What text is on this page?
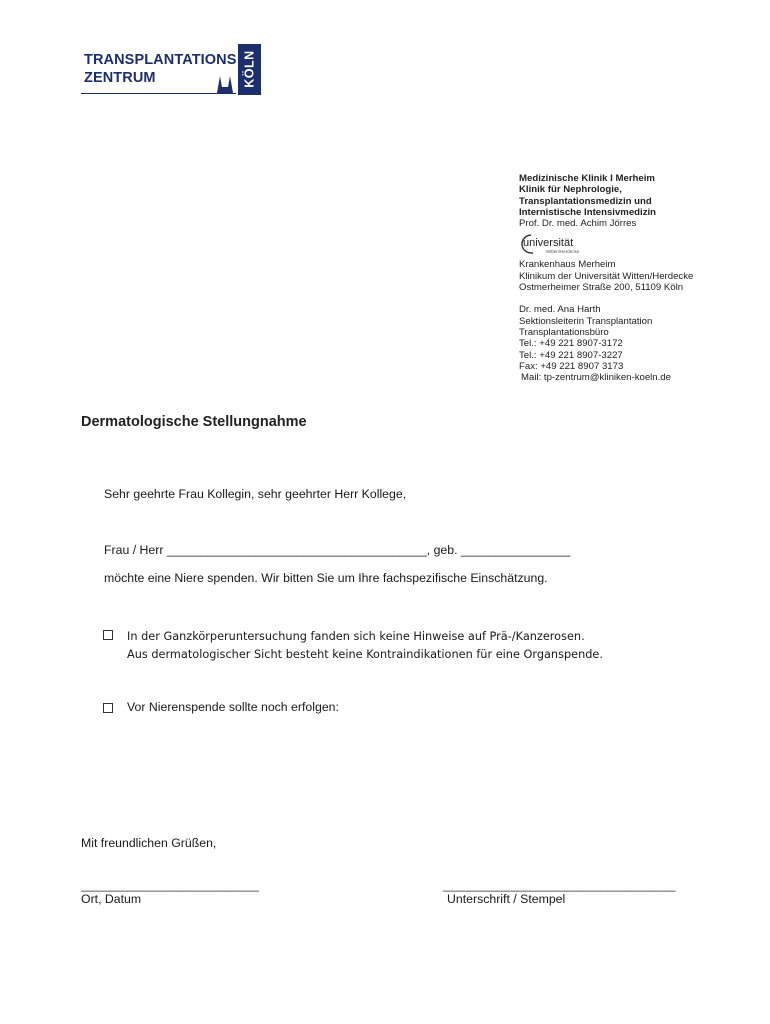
TRANSPLANTATIONS
ZENTRUM	KÖLN
Medizinische Klinik I Merheim
Klinik für Nephrologie,
Transplantationsmedizin und
Internistische Intensivmedizin
Prof. Dr. med. Achim Jörres
universität
Witten/Herdecke
Krankenhaus Merheim
Klinikum der Universität Witten/Herdecke
Ostmerheimer Straße 200, 51109 Köln
Dr. med. Ana Harth
Sektionsleiterin Transplantation
Transplantationsbüro
Tel.: +49 221 8907-3172
Tel.: +49 221 8907-3227
Fax: +49 221 8907 3173
Mail: tp-zentrum@kliniken-koeln.de
Dermatologische Stellungnahme
Sehr geehrte Frau Kollegin, sehr geehrter Herr Kollege,
Frau / Herr ______________________________________, geb. ________________
möchte eine Niere spenden. Wir bitten Sie um Ihre fachspezifische Einschätzung.
In der Ganzkörperuntersuchung fanden sich keine Hinweise auf Prä-/Kanzerosen.
Aus dermatologischer Sicht besteht keine Kontraindikationen für eine Organspende.
Vor Nierenspende sollte noch erfolgen:
Mit freundlichen Grüßen,
__________________________	__________________________________
Ort, Datum	Unterschrift / Stempel
